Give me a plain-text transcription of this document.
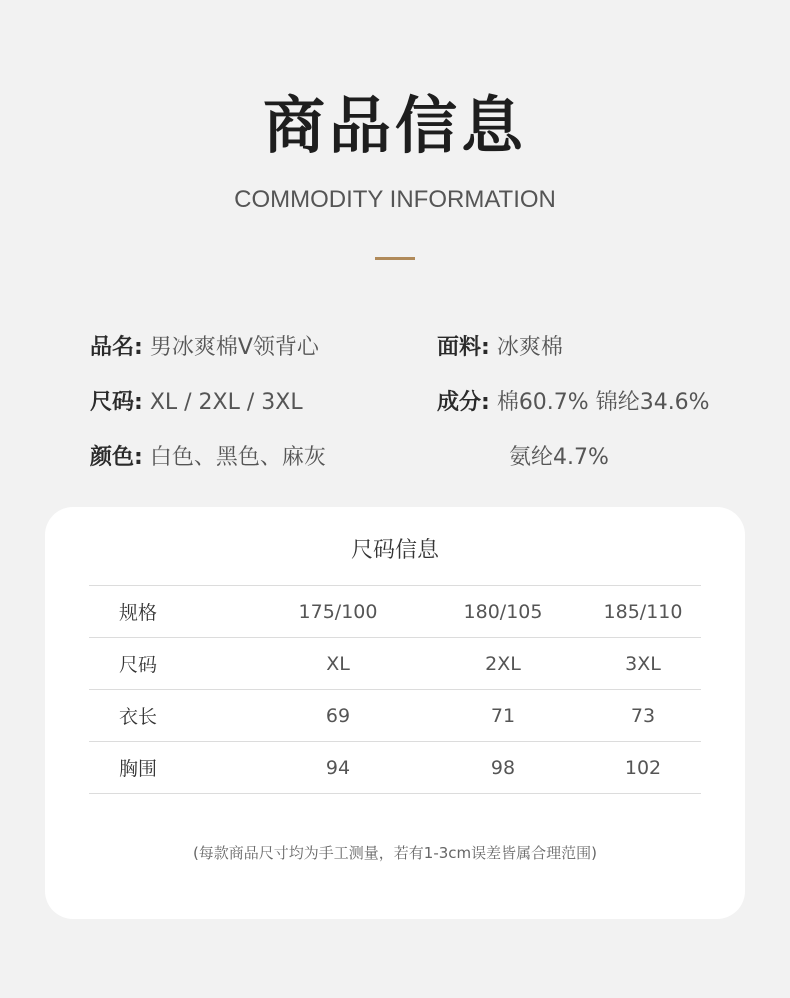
商品信息
COMMODITY INFORMATION
品名: 男冰爽棉V领背心
尺码: XL / 2XL / 3XL
颜色: 白色、黑色、麻灰
面料: 冰爽棉
成分: 棉60.7% 锦纶34.6%
氨纶4.7%
尺码信息
规格	175/100	180/105	185/110
尺码	XL	2XL	3XL
衣长	69	71	73
胸围	94	98	102
(每款商品尺寸均为手工测量，若有1-3cm误差皆属合理范围)
